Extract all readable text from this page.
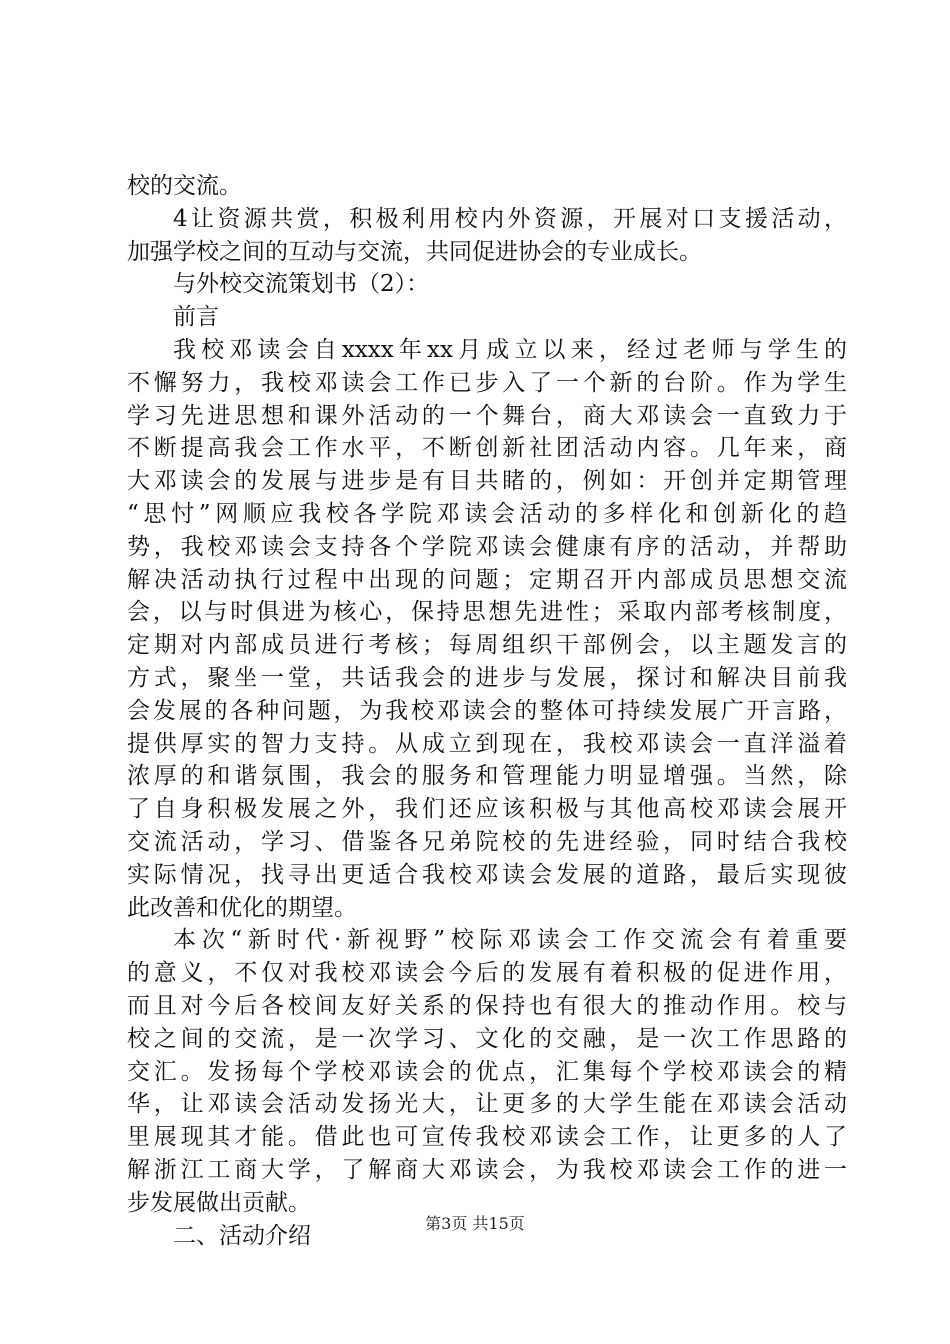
校的交流。
4让资源共赏，积极利用校内外资源，开展对口支援活动，
加强学校之间的互动与交流，共同促进协会的专业成长。
与外校交流策划书（2）：
前言
我校邓读会自xxxx年xx月成立以来，经过老师与学生的
不懈努力，我校邓读会工作已步入了一个新的台阶。作为学生
学习先进思想和课外活动的一个舞台，商大邓读会一直致力于
不断提高我会工作水平，不断创新社团活动内容。几年来，商
大邓读会的发展与进步是有目共睹的，例如：开创并定期管理
“思忖”网顺应我校各学院邓读会活动的多样化和创新化的趋
势，我校邓读会支持各个学院邓读会健康有序的活动，并帮助
解决活动执行过程中出现的问题；定期召开内部成员思想交流
会，以与时俱进为核心，保持思想先进性；采取内部考核制度，
定期对内部成员进行考核；每周组织干部例会，以主题发言的
方式，聚坐一堂，共话我会的进步与发展，探讨和解决目前我
会发展的各种问题，为我校邓读会的整体可持续发展广开言路，
提供厚实的智力支持。从成立到现在，我校邓读会一直洋溢着
浓厚的和谐氛围，我会的服务和管理能力明显增强。当然，除
了自身积极发展之外，我们还应该积极与其他高校邓读会展开
交流活动，学习、借鉴各兄弟院校的先进经验，同时结合我校
实际情况，找寻出更适合我校邓读会发展的道路，最后实现彼
此改善和优化的期望。
本次“新时代·新视野”校际邓读会工作交流会有着重要
的意义，不仅对我校邓读会今后的发展有着积极的促进作用，
而且对今后各校间友好关系的保持也有很大的推动作用。校与
校之间的交流，是一次学习、文化的交融，是一次工作思路的
交汇。发扬每个学校邓读会的优点，汇集每个学校邓读会的精
华，让邓读会活动发扬光大，让更多的大学生能在邓读会活动
里展现其才能。借此也可宣传我校邓读会工作，让更多的人了
解浙江工商大学，了解商大邓读会，为我校邓读会工作的进一
步发展做出贡献。
二、活动介绍	第3页 共15页
